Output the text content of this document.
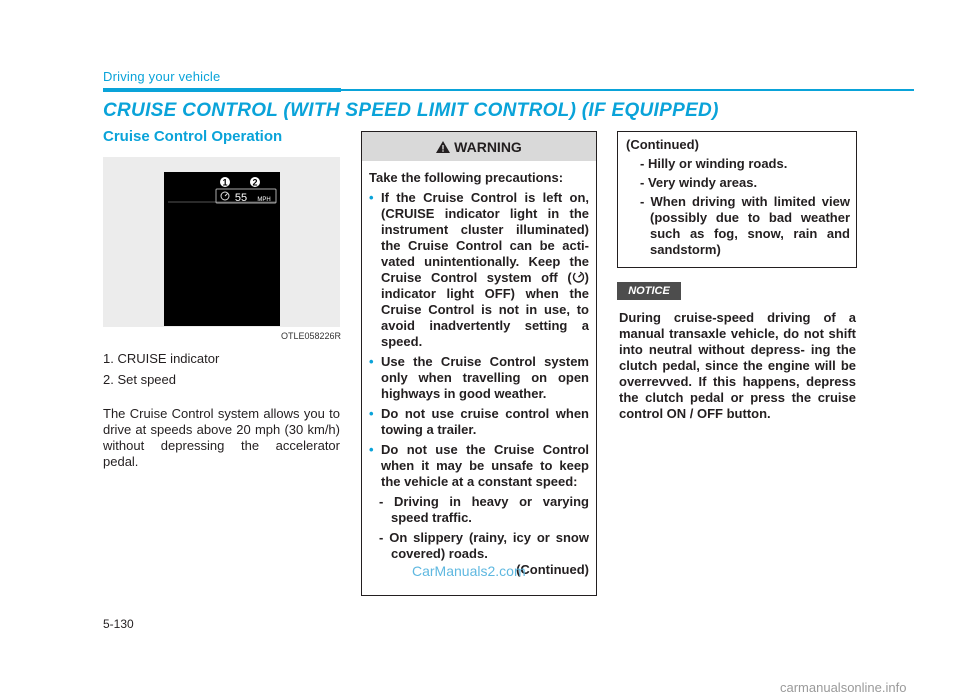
Driving your vehicle
CRUISE CONTROL (WITH SPEED LIMIT CONTROL) (IF EQUIPPED)
Cruise Control Operation
1	2
55 MPH
OTLE058226R
1. CRUISE indicator
2. Set speed
The Cruise Control system allows you to drive at speeds above 20 mph (30 km/h) without depressing the accelerator pedal.
WARNING
Take the following precautions:
• If the Cruise Control is left on, (CRUISE indicator light in the instrument cluster illuminated) the Cruise Control can be acti- vated unintentionally. Keep the Cruise Control system off ( ) indicator light OFF) when the Cruise Control is not in use, to avoid inadvertently setting a speed.
• Use the Cruise Control system only when travelling on open highways in good weather.
• Do not use cruise control when towing a trailer.
• Do not use the Cruise Control when it may be unsafe to keep the vehicle at a constant speed:
- Driving in heavy or varying speed traffic.
- On slippery (rainy, icy or snow covered) roads.
(Continued)
(Continued)
- Hilly or winding roads.
- Very windy areas.
- When driving with limited view (possibly due to bad weather such as fog, snow, rain and sandstorm)
NOTICE
During cruise-speed driving of a manual transaxle vehicle, do not shift into neutral without depress- ing the clutch pedal, since the engine will be overrevved. If this happens, depress the clutch pedal or press the cruise control ON / OFF button.
5-130
CarManuals2.com
carmanualsonline.info
